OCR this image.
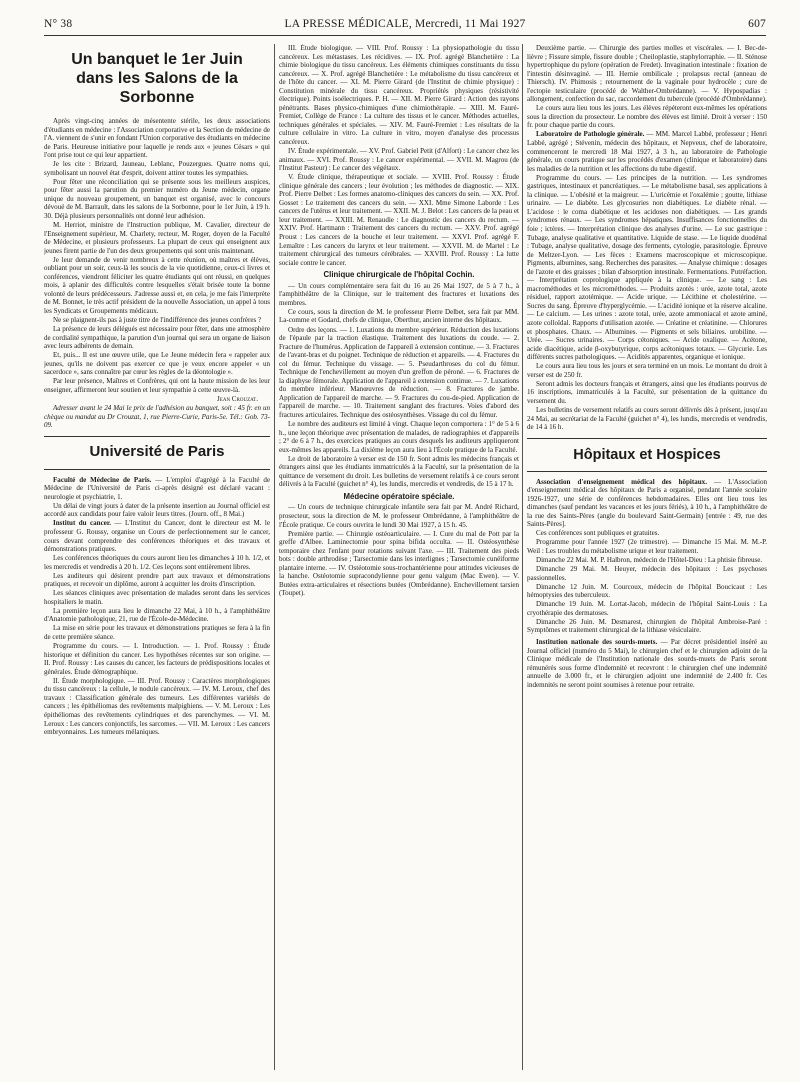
LA PRESSE MÉDICALE, Mercredi, 11 Mai 1927
N° 38	607
Un banquet le 1er Juin
dans les Salons de la Sorbonne

Après vingt-cinq années de mésentente stérile, les deux associations d'étudiants en médecine : l'Association corporative et la Section de médecine de l'A. viennent de s'unir en fondant l'Union corporative des étudiants en médecine de Paris. Heureuse initiative pour laquelle je rends aux « jeunes Césars » qui l'ont prise tout ce qui leur appartient.

Je les cite : Brizard, Jauneau, Leblanc, Pouzergues. Quatre noms qui, symbolisant un nouvel état d'esprit, doivent attirer toutes les sympathies.

Pour fêter une réconciliation qui se présente sous les meilleurs auspices, pour fêter aussi la parution du premier numéro du Jeune médecin, organe unique du nouveau groupement, un banquet est organisé, avec le concours dévoué de M. Barrault, dans les salons de la Sorbonne, pour le 1er Juin, à 19 h. 30. Déjà plusieurs personnalités ont donné leur adhésion.

M. Herriot, ministre de l'Instruction publique, M. Cavalier, directeur de l'Enseignement supérieur, M. Charlety, recteur, M. Roger, doyen de la Faculté de Médecine, et plusieurs professeurs. La plupart de ceux qui enseignent aux jeunes firent partie de l'un des deux groupements qui sont unis maintenant.

Je leur demande de venir nombreux à cette réunion, où maîtres et élèves, oubliant pour un soir, ceux-là les soucis de la vie quotidienne, ceux-ci livres et conférences, viendront féliciter les quatre étudiants qui ont réussi, en quelques mois, à aplanir des difficultés contre lesquelles s'était brisée toute la bonne volonté de leurs prédécesseurs. J'adresse aussi et, en cela, je me fais l'interprète de M. Bonnet, le très actif président de la nouvelle Association, un appel à tous les Syndicats et Groupements médicaux.

Ne se plaignent-ils pas à juste titre de l'indifférence des jeunes confrères ?

La présence de leurs délégués est nécessaire pour fêter, dans une atmosphère de cordialité sympathique, la parution d'un journal qui sera un organe de liaison avec leurs adhérents de demain.

Et, puis... Il est une œuvre utile, que Le Jeune médecin fera « rappeler aux jeunes, qu'ils ne doivent pas exercer ce que je veux encore appeler « un sacerdoce », sans connaître par cœur les règles de la déontologie ».

Par leur présence, Maîtres et Confrères, qui ont la haute mission de les leur enseigner, affirmeront leur soutien et leur sympathie à cette œuvre-là.

Jean Crouzat.

Adresser avant le 24 Mai le prix de l'adhésion au banquet, soit : 45 fr. en un chèque ou mandat au Dr Crouzat, 1, rue Pierre-Curie, Paris-5e. Tél.: Gob. 73-09.

Université de Paris

Faculté de Médecine de Paris. — L'emploi d'agrégé à la Faculté de Médecine de l'Université de Paris ci-après désigné est déclaré vacant : neurologie et psychiatrie, 1.

Un délai de vingt jours à dater de la présente insertion au Journal officiel est accordé aux candidats pour faire valoir leurs titres. (Journ. off., 8 Mai.)

Institut du cancer. — L'Institut du Cancer, dont le directeur est M. le professeur G. Roussy, organise un Cours de perfectionnement sur le cancer, cours devant comprendre des conférences théoriques et des travaux et démonstrations pratiques.

Les conférences théoriques du cours auront lieu les dimanches à 10 h. 1/2, et les mercredis et vendredis à 20 h. 1/2. Ces leçons sont entièrement libres.

Les auditeurs qui désirent prendre part aux travaux et démonstrations pratiques, et recevoir un diplôme, auront à acquitter les droits d'inscription.

Les séances cliniques avec présentation de malades seront dans les services hospitaliers le matin.

La première leçon aura lieu le dimanche 22 Mai, à 10 h., à l'amphithéâtre d'Anatomie pathologique, 21, rue de l'École-de-Médecine.

La mise en série pour les travaux et démonstrations pratiques se fera à la fin de cette première séance.

Programme du cours. — I. Introduction. — 1. Prof. Roussy : Étude historique et définition du cancer. Les hypothèses récentes sur son origine. — II. Prof. Roussy : Les causes du cancer, les facteurs de prédispositions locales et générales. Étude démographique.

II. Étude morphologique. — III. Prof. Roussy : Caractères morphologiques du tissu cancéreux : la cellule, le nodule cancéreux. — IV. M. Leroux, chef des travaux : Classification générale des tumeurs. Les différentes variétés de cancers ; les épithéliomas des revêtements malpighiens. — V. M. Leroux : Les épithéliomas des revêtements cylindriques et des parenchymes. — VI. M. Leroux : Les cancers conjonctifs, les sarcomes. — VII. M. Leroux : Les cancers embryonnaires. Les tumeurs mélaniques.

III. Étude biologique. — VIII. Prof. Roussy : La physiopathologie du tissu cancéreux. Les métastases. Les récidives. — IX. Prof. agrégé Blanchetière : La chimie biologique du tissu cancéreux. Les éléments chimiques constituants du tissu cancéreux. — X. Prof. agrégé Blanchetière : Le métabolisme du tissu cancéreux et de l'hôte du cancer. — XI. M. Pierre Girard (de l'Institut de chimie physique) : Constitution minérale du tissu cancéreux. Propriétés physiques (résistivité électrique). Points isoélectriques. P. H. — XII. M. Pierre Girard : Action des rayons pénétrants. Bases physico-chimiques d'une chimiothérapie. — XIII. M. Fauré-Fremiet, Collège de France : La culture des tissus et le cancer. Méthodes actuelles, techniques générales et spéciales. — XIV. M. Fauré-Fremiet : Les résultats de la culture cellulaire in vitro. La culture in vitro, moyen d'analyse des processus cancéreux.

IV. Étude expérimentale. — XV. Prof. Gabriel Petit (d'Alfort) : Le cancer chez les animaux. — XVI. Prof. Roussy : Le cancer expérimental. — XVII. M. Magrou (de l'Institut Pasteur) : Le cancer des végétaux.

V. Étude clinique, thérapeutique et sociale. — XVIII. Prof. Roussy : Étude clinique générale des cancers ; leur évolution ; les méthodes de diagnostic. — XIX. Prof. Pierre Delbet : Les formes anatomo-cliniques des cancers du sein. — XX. Prof. Gosset : Le traitement des cancers du sein. — XXI. Mme Simone Laborde : Les cancers de l'utérus et leur traitement. — XXII. M. J. Belot : Les cancers de la peau et leur traitement. — XXIII. M. Renaudie : Le diagnostic des cancers du rectum. — XXIV. Prof. Hartmann : Traitement des cancers du rectum. — XXV. Prof. agrégé Proust : Les cancers de la bouche et leur traitement. — XXVI. Prof. agrégé F. Lemaître : Les cancers du larynx et leur traitement. — XXVII. M. de Martel : Le traitement chirurgical des tumeurs cérébrales. — XXVIII. Prof. Roussy : La lutte sociale contre le cancer.

Clinique chirurgicale de l'hôpital Cochin.

— Un cours complémentaire sera fait du 16 au 26 Mai 1927, de 5 à 7 h., à l'amphithéâtre de la Clinique, sur le traitement des fractures et luxations des membres.

Ce cours, sous la direction de M. le professeur Pierre Delbet, sera fait par MM. La-comme et Godard, chefs de clinique, Oberthur, ancien interne des hôpitaux.

Ordre des leçons. — 1. Luxations du membre supérieur. Réduction des luxations de l'épaule par la traction élastique. Traitement des luxations du coude. — 2. Fracture de l'humérus. Application de l'appareil à extension continue. — 3. Fractures de l'avant-bras et du poignet. Technique de réduction et appareils. — 4. Fractures du col du fémur. Technique du vissage. — 5. Pseudarthroses du col du fémur. Technique de l'enchevillement au moyen d'un greffon de péroné. — 6. Fractures de la diaphyse fémorale. Application de l'appareil à extension continue. — 7. Luxations du membre inférieur. Manœuvres de réduction. — 8. Fractures de jambe. Application de l'appareil de marche. — 9. Fractures du cou-de-pied. Application de l'appareil de marche. — 10. Traitement sanglant des fractures. Voies d'abord des fractures articulaires. Technique des ostéosynthèses. Vissage du col du fémur.

Le nombre des auditeurs est limité à vingt. Chaque leçon comportera : 1° de 5 à 6 h., une leçon théorique avec présentation de malades, de radiographies et d'appareils ; 2° de 6 à 7 h., des exercices pratiques au cours desquels les auditeurs appliqueront eux-mêmes les appareils. La dixième leçon aura lieu à l'École pratique de la Faculté.

Le droit de laboratoire à verser est de 150 fr. Sont admis les médecins français et étrangers ainsi que les étudiants immatriculés à la Faculté, sur la présentation de la quittance de versement du droit. Les bulletins de versement relatifs à ce cours seront délivrés à la Faculté (guichet n° 4), les lundis, mercredis et vendredis, de 15 à 17 h.

Médecine opératoire spéciale.

— Un cours de technique chirurgicale infantile sera fait par M. André Richard, prosecteur, sous la direction de M. le professeur Ombrédanne, à l'amphithéâtre de l'École pratique. Ce cours ouvrira le lundi 30 Mai 1927, à 15 h. 45.

Première partie. — Chirurgie ostéoarticulaire. — I. Cure du mal de Pott par la greffe d'Albee. Laminectomie pour spina bifida occulta. — II. Ostéosynthèse temporaire chez l'enfant pour rotations suivant l'axe. — III. Traitement des pieds bots : double arthrodèse ; Tarsectomie dans les interlignes ; Tarsectomie cunéiforme plantaire interne. — IV. Ostéotomie sous-trochantérienne pour attitudes vicieuses de la hanche. Ostéotomie supracondylienne pour genu valgum (Mac Ewen). — V. Butées extra-articulaires et résections butées (Ombrédanne). Enchevillement tarsien (Toupet).

Deuxième partie. — Chirurgie des parties molles et viscérales. — I. Bec-de-lièvre ; Fissure simple, fissure double ; Cheiloplastie, staphylorraphie. — II. Sténose hypertrophique du pylore (opération de Fredet). Invagination intestinale : fixation de l'intestin désinvaginé. — III. Hernie ombilicale ; prolapsus rectal (anneau de Thiersch). IV. Phimosis ; retournement de la vaginale pour hydrocèle ; cure de l'ectopie testiculaire (procédé de Walther-Ombrédanne). — V. Hypospadias : allongement, confection du sac, raccordement du tubercule (procédé d'Ombrédanne).

Le cours aura lieu tous les jours. Les élèves répéteront eux-mêmes les opérations sous la direction du prosecteur. Le nombre des élèves est limité. Droit à verser : 150 fr. pour chaque partie du cours.

Laboratoire de Pathologie générale. — MM. Marcel Labbé, professeur ; Henri Labbé, agrégé ; Stévenin, médecin des hôpitaux, et Nepveux, chef de laboratoire, commenceront le mercredi 18 Mai 1927, à 3 h., au laboratoire de Pathologie générale, un cours pratique sur les procédés d'examen (clinique et laboratoire) dans les maladies de la nutrition et les affections du tube digestif.

Programme du cours. — Les principes de la nutrition. — Les syndromes gastriques, intestinaux et pancréatiques. — Le métabolisme basal, ses applications à la clinique. — L'obésité et la maigreur. — L'uricémie et l'oxalémie ; goutte, lithiase urinaire. — Le diabète. Les glycosuries non diabétiques. Le diabète rénal. — L'acidose : le coma diabétique et les acidoses non diabétiques. — Les grands syndromes rénaux. — Les syndromes hépatiques. Insuffisances fonctionnelles du foie ; ictères. — Interprétation clinique des analyses d'urine. — Le suc gastrique : Tubage, analyse qualitative et quantitative. Liquide de stase. — Le liquide duodénal : Tubage, analyse qualitative, dosage des ferments, cytologie, parasitologie. Épreuve de Meltzer-Lyon. — Les fèces : Examens macroscopique et microscopique. Pigments, albumines, sang. Recherches des parasites. — Analyse chimique : dosages de l'azote et des graisses ; bilan d'absorption intestinale. Fermentations. Putréfaction. — Interprétation coprologique appliquée à la clinique. — Le sang : Les macrométhodes et les microméthodes. — Produits azotés : urée, azote total, azote résiduel, rapport azotémique. — Acide urique. — Lécithine et cholestérine. — Sucres du sang. Épreuve d'hyperglycémie. — L'acidité ionique et la réserve alcaline. — Le calcium. — Les urines : azote total, urée, azote ammoniacal et azote aminé, azote colloïdal. Rapports d'utilisation azotée. — Créatine et créatinine. — Chlorures et phosphates. Chaux. — Albumines. — Pigments et sels biliaires. urobiline. — Urée. — Sucres urinaires. — Corps cétoniques. — Acide oxalique. — Acétone, acide diacétique, acide β-oxybutyrique, corps acétoniques totaux. — Glycurie. Les différents sucres pathologiques. — Acidités apparentes, organique et ionique.

Le cours aura lieu tous les jours et sera terminé en un mois. Le montant du droit à verser est de 250 fr.

Seront admis les docteurs français et étrangers, ainsi que les étudiants pourvus de 16 inscriptions, immatriculés à la Faculté, sur présentation de la quittance du versement du.

Les bulletins de versement relatifs au cours seront délivrés dès à présent, jusqu'au 24 Mai, au secrétariat de la Faculté (guichet n° 4), les lundis, mercredis et vendredis, de 14 à 16 h.

Hôpitaux et Hospices

Association d'enseignement médical des hôpitaux. — L'Association d'enseignement médical des hôpitaux de Paris a organisé, pendant l'année scolaire 1926-1927, une série de conférences hebdomadaires. Elles ont lieu tous les dimanches (sauf pendant les vacances et les jours fériés), à 10 h., à l'amphithéâtre de la rue des Saints-Pères (angle du boulevard Saint-Germain) [entrée : 49, rue des Saints-Pères].

Ces conférences sont publiques et gratuites.

Programme pour l'année 1927 (2e trimestre). — Dimanche 15 Mai. M. M.-P. Weil : Les troubles du métabolisme urique et leur traitement.

Dimanche 22 Mai. M. P. Halbron, médecin de l'Hôtel-Dieu : La phtisie fibreuse.

Dimanche 29 Mai. M. Heuyer, médecin des hôpitaux : Les psychoses passionnelles.

Dimanche 12 Juin. M. Courcoux, médecin de l'hôpital Boucicaut : Les hémoptysies des tuberculeux.

Dimanche 19 Juin. M. Lortat-Jacob, médecin de l'hôpital Saint-Louis : La cryothérapie des dermatoses.

Dimanche 26 Juin. M. Desmarest, chirurgien de l'hôpital Ambroise-Paré : Symptômes et traitement chirurgical de la lithiase vésiculaire.

Institution nationale des sourds-muets. — Par décret présidentiel inséré au Journal officiel (numéro du 5 Mai), le chirurgien chef et le chirurgien adjoint de la Clinique médicale de l'Institution nationale des sourds-muets de Paris seront rémunérés sous forme d'indemnité et recevront : le chirurgien chef une indemnité annuelle de 3.000 fr., et le chirurgien adjoint une indemnité de 2.400 fr. Ces indemnités ne seront point soumises à retenue pour retraite.
